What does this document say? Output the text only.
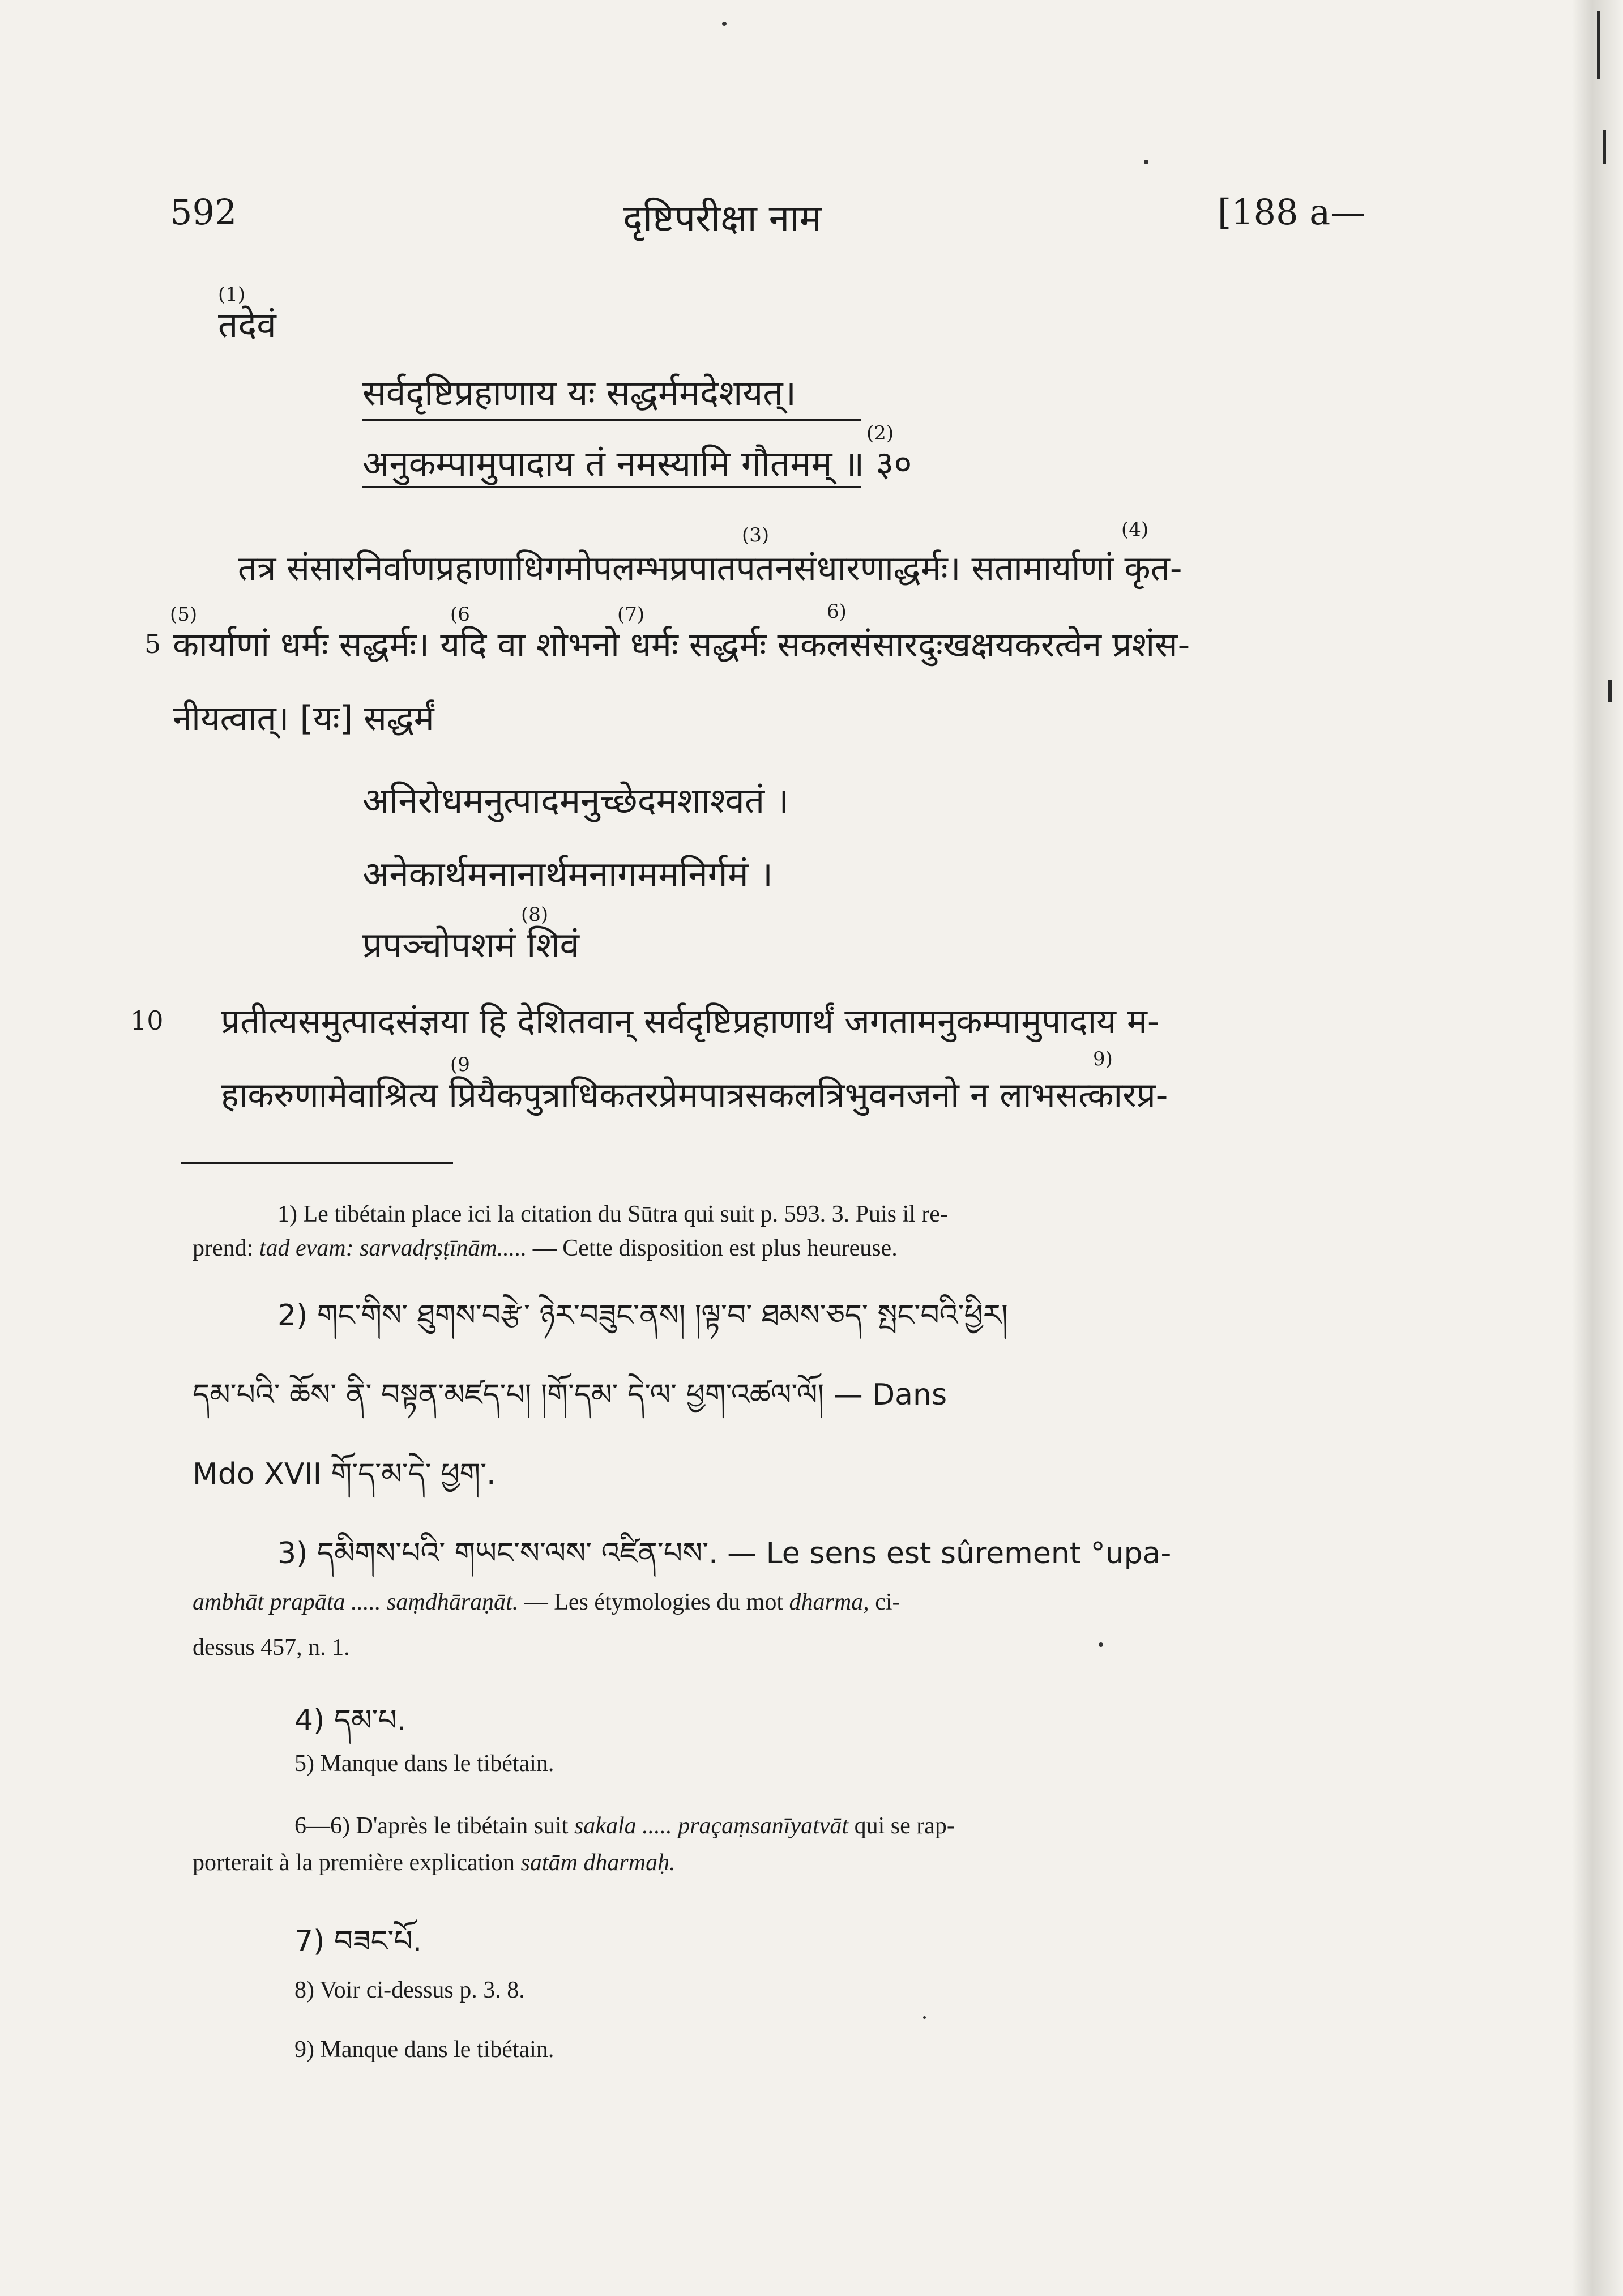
592	दृष्टिपरीक्षा नाम	[188 a—
(1)
तदेवं
सर्वदृष्टिप्रहाणाय यः सद्धर्ममदेशयत्।
अनुकम्पामुपादाय तं नमस्यामि गौतमम् ॥ ३०
(2)
(3)	(4)
तत्र संसारनिर्वाणप्रहाणाधिगमोपलम्भप्रपातपतनसंधारणाद्धर्मः। सतामार्याणां कृत-
5
(5)	(6	(7)	6)
कार्याणां धर्मः सद्धर्मः। यदि वा शोभनो धर्मः सद्धर्मः सकलसंसारदुःखक्षयकरत्वेन प्रशंस-
नीयत्वात्। [यः] सद्धर्मं
अनिरोधमनुत्पादमनुच्छेदमशाश्वतं ।
अनेकार्थमनानार्थमनागममनिर्गमं ।
(8)
प्रपञ्चोपशमं शिवं
10 प्रतीत्यसमुत्पादसंज्ञया हि देशितवान् सर्वदृष्टिप्रहाणार्थं जगतामनुकम्पामुपादाय म-
(9	9)
हाकरुणामेवाश्रित्य प्रियैकपुत्राधिकतरप्रेमपात्रसकलत्रिभुवनजनो न लाभसत्कारप्र-
1) Le tibétain place ici la citation du Sūtra qui suit p. 593. 3. Puis il re-
prend: tad evam: sarvadṛṣṭīnām..... — Cette disposition est plus heureuse.
2) གང་གིས་ ཐུགས་བརྩེ་ ཉེར་བཟུང་ནས། །ལྟ་བ་ ཐམས་ཅད་ སྤང་བའི་ཕྱིར།
དམ་པའི་ ཆོས་ ནི་ བསྟན་མཛད་པ། །གོ་དམ་ དེ་ལ་ ཕྱག་འཚལ་ལོ། — Dans
Mdo XVII གོ་ད་མ་དེ་ ཕྱག་.
3) དམིགས་པའི་ གཡང་ས་ལས་ འཛིན་པས་. — Le sens est sûrement °upa-
ambhāt prapāta ..... saṃdhāraṇāt. — Les étymologies du mot dharma, ci-
dessus 457, n. 1.
4) དམ་པ.
5) Manque dans le tibétain.
6—6) D'après le tibétain suit sakala ..... praçaṃsanīyatvāt qui se rap-
porterait à la première explication satām dharmaḥ.
7) བཟང་པོ.
8) Voir ci-dessus p. 3. 8.
9) Manque dans le tibétain.
